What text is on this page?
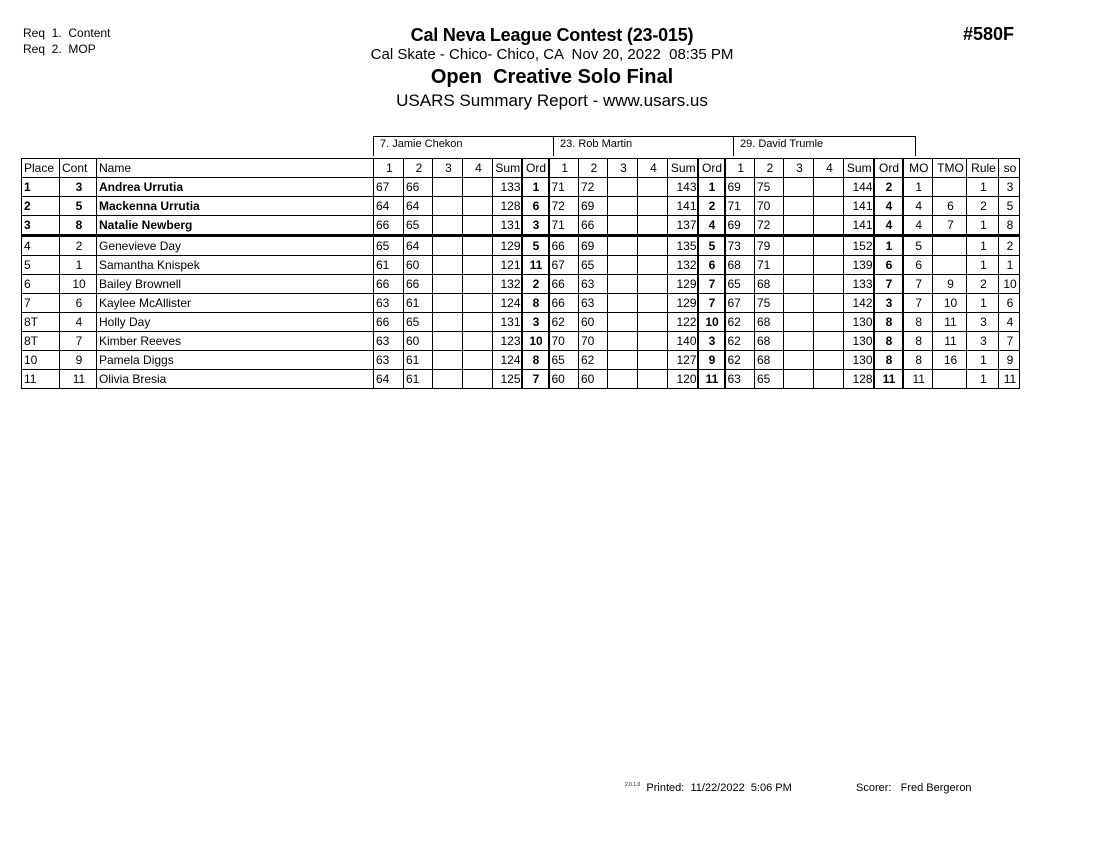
Req  1.  Content
Req  2.  MOP
Cal Neva League Contest (23-015)
Cal Skate - Chico- Chico, CA  Nov 20, 2022  08:35 PM
Open  Creative Solo Final
USARS Summary Report - www.usars.us
#580F
7. Jamie Chekon	23. Rob Martin	29. David Trumle
Place	Cont	Name	1	2	3	4	Sum	Ord	1	2	3	4	Sum	Ord	1	2	3	4	Sum	Ord	MO	TMO	Rule	so
1	3	Andrea Urrutia	67	66			133	1	71	72			143	1	69	75			144	2	1		1	3
2	5	Mackenna Urrutia	64	64			128	6	72	69			141	2	71	70			141	4	4	6	2	5
3	8	Natalie Newberg	66	65			131	3	71	66			137	4	69	72			141	4	4	7	1	8
4	2	Genevieve Day	65	64			129	5	66	69			135	5	73	79			152	1	5		1	2
5	1	Samantha Knispek	61	60			121	11	67	65			132	6	68	71			139	6	6		1	1
6	10	Bailey Brownell	66	66			132	2	66	63			129	7	65	68			133	7	7	9	2	10
7	6	Kaylee McAllister	63	61			124	8	66	63			129	7	67	75			142	3	7	10	1	6
8T	4	Holly Day	66	65			131	3	62	60			122	10	62	68			130	8	8	11	3	4
8T	7	Kimber Reeves	63	60			123	10	70	70			140	3	62	68			130	8	8	11	3	7
10	9	Pamela Diggs	63	61			124	8	65	62			127	9	62	68			130	8	8	16	1	9
11	11	Olivia Bresia	64	61			125	7	60	60			120	11	63	65			128	11	11		1	11
$^{2.0.1.0}$ Printed:  11/22/2022  5:06 PM	Scorer:   Fred Bergeron
